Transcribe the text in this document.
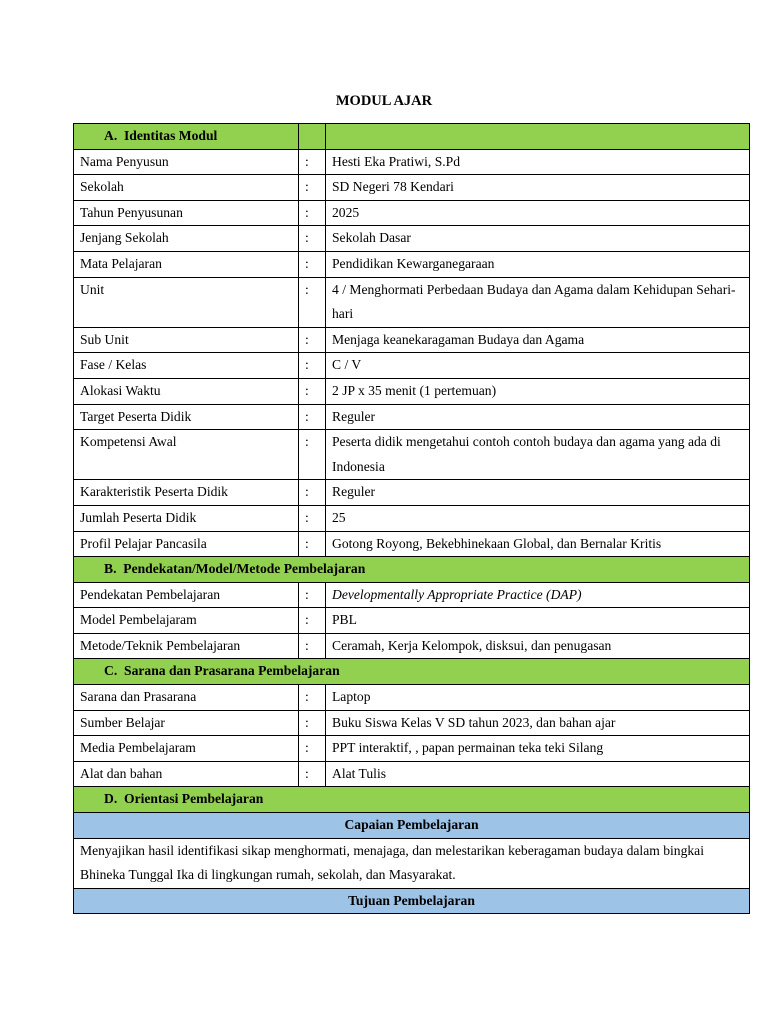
MODUL AJAR
A. Identitas Modul		
Nama Penyusun	:	Hesti Eka Pratiwi, S.Pd
Sekolah	:	SD Negeri 78 Kendari
Tahun Penyusunan	:	2025
Jenjang Sekolah	:	Sekolah Dasar
Mata Pelajaran	:	Pendidikan Kewarganegaraan
Unit	:	4 / Menghormati Perbedaan Budaya dan Agama dalam Kehidupan Sehari-hari
Sub Unit	:	Menjaga keanekaragaman Budaya dan Agama
Fase / Kelas	:	C / V
Alokasi Waktu	:	2 JP x 35 menit (1 pertemuan)
Target Peserta Didik	:	Reguler
Kompetensi Awal	:	Peserta didik mengetahui contoh contoh budaya dan agama yang ada di Indonesia
Karakteristik Peserta Didik	:	Reguler
Jumlah Peserta Didik	:	25
Profil Pelajar Pancasila	:	Gotong Royong, Bekebhinekaan Global, dan Bernalar Kritis
B. Pendekatan/Model/Metode Pembelajaran		
Pendekatan Pembelajaran	:	Developmentally Appropriate Practice (DAP)
Model Pembelajaram	:	PBL
Metode/Teknik Pembelajaran	:	Ceramah, Kerja Kelompok, disksui, dan penugasan
C. Sarana dan Prasarana Pembelajaran		
Sarana dan Prasarana	:	Laptop
Sumber Belajar	:	Buku Siswa Kelas V SD tahun 2023, dan bahan ajar
Media Pembelajaram	:	PPT interaktif, , papan permainan teka teki Silang
Alat dan bahan	:	Alat Tulis
D. Orientasi Pembelajaran		
Capaian Pembelajaran		
Menyajikan hasil identifikasi sikap menghormati, menajaga, dan melestarikan keberagaman budaya dalam bingkai Bhineka Tunggal Ika di lingkungan rumah, sekolah, dan Masyarakat.		
Tujuan Pembelajaran		
